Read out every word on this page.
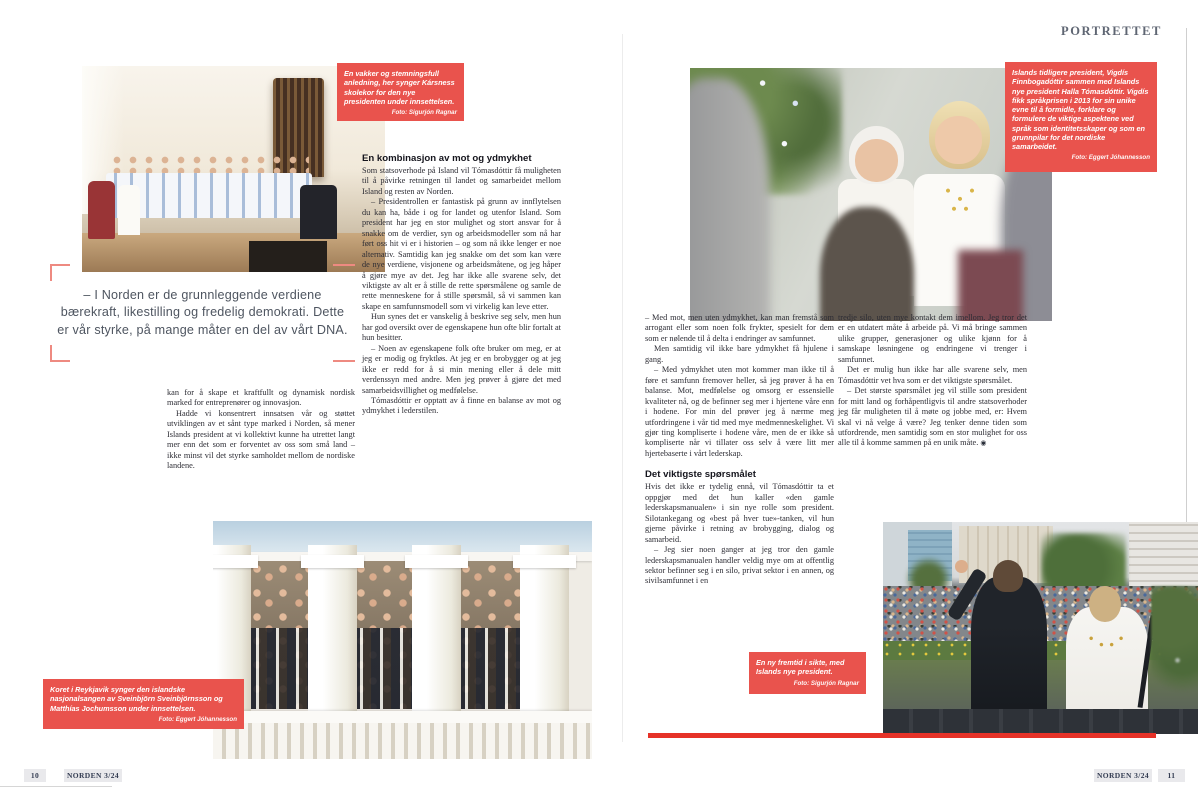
En vakker og stemningsfull anledning, her synger Kársness skolekor for den nye presidenten under innsettelsen.

Foto: Sigurjón Ragnar

– I Norden er de grunnleggende verdiene bærekraft, likestilling og fredelig demokrati. Dette er vår styrke, på mange måter en del av vårt DNA.

kan for å skape et kraftfullt og dynamisk nordisk marked for entreprenører og innovasjon.

Hadde vi konsentrert innsatsen vår og støttet utviklingen av et sånt type marked i Norden, så mener Islands president at vi kollektivt kunne ha utrettet langt mer enn det som er forventet av oss som små land – ikke minst vil det styrke samholdet mellom de nordiske landene.

En kombinasjon av mot og ydmykhet

Som statsoverhode på Island vil Tómasdóttir få muligheten til å påvirke retningen til landet og samarbeidet mellom Island og resten av Norden.

– Presidentrollen er fantastisk på grunn av innflytelsen du kan ha, både i og for landet og utenfor Island. Som president har jeg en stor mulighet og stort ansvar for å snakke om de verdier, syn og arbeidsmodeller som nå har ført oss hit vi er i historien – og som nå ikke lenger er noe alternativ. Samtidig kan jeg snakke om det som kan være de nye verdiene, visjonene og arbeidsmåtene, og jeg håper å gjøre mye av det. Jeg har ikke alle svarene selv, det viktigste av alt er å stille de rette spørsmålene og samle de rette menneskene for å stille spørsmål, så vi sammen kan skape en samfunnsmodell som vi virkelig kan leve etter.

Hun synes det er vanskelig å beskrive seg selv, men hun har god oversikt over de egenskapene hun ofte blir fortalt at hun besitter.

– Noen av egenskapene folk ofte bruker om meg, er at jeg er modig og fryktløs. At jeg er en brobygger og at jeg ikke er redd for å si min mening eller å dele mitt verdenssyn med andre. Men jeg prøver å gjøre det med samarbeidsvillighet og medfølelse.

Tómasdóttir er opptatt av å finne en balanse av mot og ydmykhet i lederstilen.

Koret i Reykjavik synger den islandske nasjonalsangen av Sveinbjörn Sveinbjörnsson og Matthías Jochumsson under innsettelsen.

Foto: Eggert Jóhannesson

10	NORDEN 3/24
PORTRETTET

Islands tidligere president, Vigdís Finnbogadóttir sammen med Islands nye president Halla Tómasdóttir. Vigdís fikk språkprisen i 2013 for sin unike evne til å formidle, forklare og formulere de viktige aspektene ved språk som identitetsskaper og som en grunnpilar for det nordiske samarbeidet.

Foto: Eggert Jóhannesson

– Med mot, men uten ydmykhet, kan man fremstå som arrogant eller som noen folk frykter, spesielt for dem som er nølende til å delta i endringer av samfunnet.

Men samtidig vil ikke bare ydmykhet få hjulene i gang.

– Med ydmykhet uten mot kommer man ikke til å føre et samfunn fremover heller, så jeg prøver å ha en balanse. Mot, medfølelse og omsorg er essensielle kvaliteter nå, og de befinner seg mer i hjertene våre enn i hodene. For min del prøver jeg å nærme meg utfordringene i vår tid med mye medmenneskelighet. Vi gjør ting kompliserte i hodene våre, men de er ikke så kompliserte når vi tillater oss selv å være litt mer hjertebaserte i vårt lederskap.

Det viktigste spørsmålet

Hvis det ikke er tydelig ennå, vil Tómasdóttir ta et oppgjør med det hun kaller «den gamle lederskapsmanualen» i sin nye rolle som president. Silotankegang og «best på hver tue»-tanken, vil hun gjerne påvirke i retning av brobygging, dialog og samarbeid.

– Jeg sier noen ganger at jeg tror den gamle lederskapsmanualen handler veldig mye om at offentlig sektor befinner seg i en silo, privat sektor i en annen, og sivilsamfunnet i en

tredje silo, uten mye kontakt dem imellom. Jeg tror det er en utdatert måte å arbeide på. Vi må bringe sammen ulike grupper, generasjoner og ulike kjønn for å samskape løsningene og endringene vi trenger i samfunnet.

Det er mulig hun ikke har alle svarene selv, men Tómasdóttir vet hva som er det viktigste spørsmålet.

– Det største spørsmålet jeg vil stille som president for mitt land og forhåpentligvis til andre statsoverhoder jeg får muligheten til å møte og jobbe med, er: Hvem skal vi nå velge å være? Jeg tenker denne tiden som utfordrende, men samtidig som en stor mulighet for oss alle til å komme sammen på en unik måte. ◉

En ny fremtid i sikte, med Islands nye president.

Foto: Sigurjón Ragnar

NORDEN 3/24	11
